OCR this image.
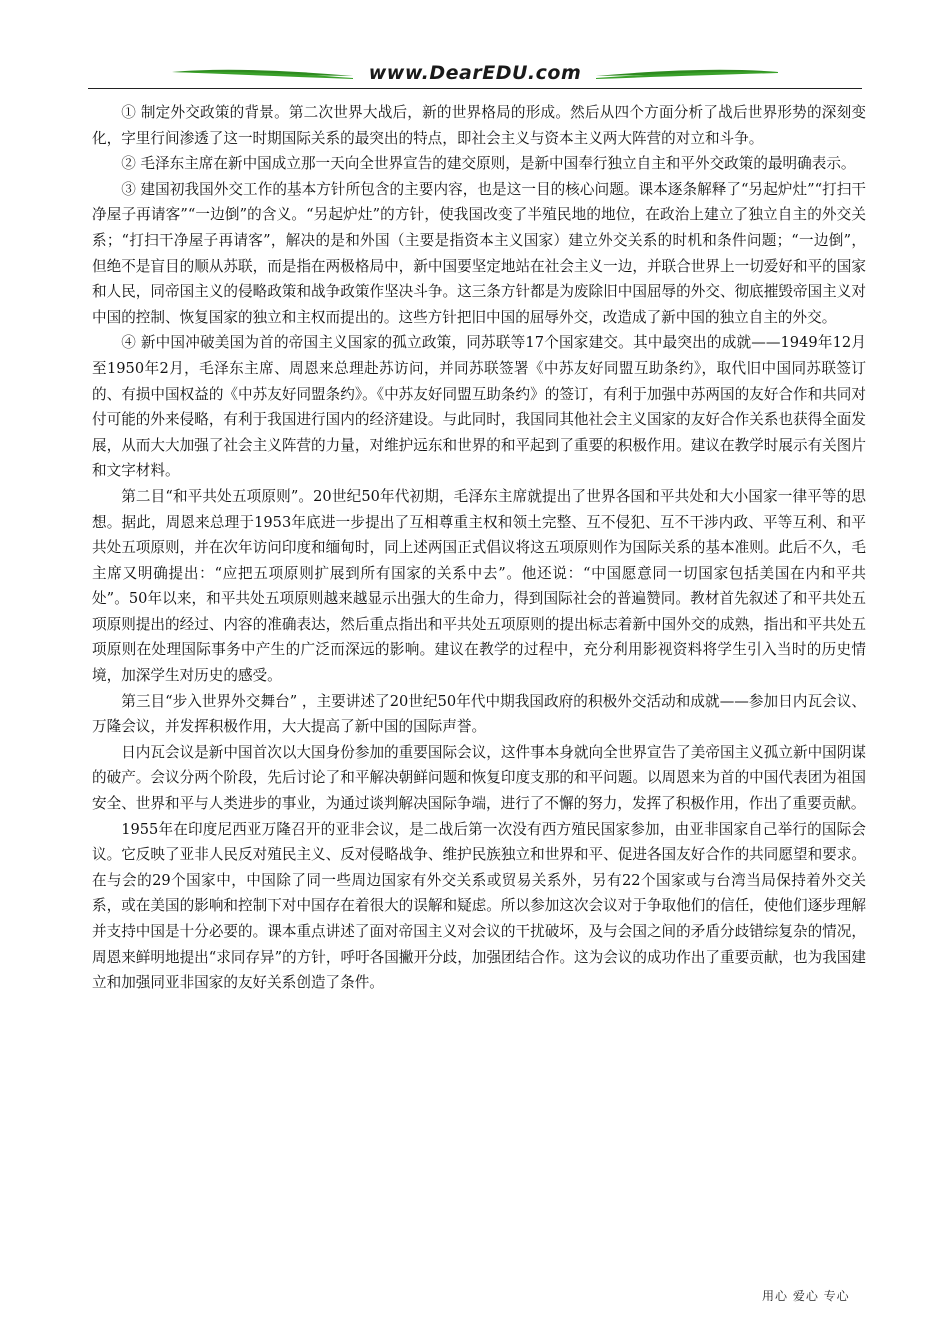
www.DearEDU.com

① 制定外交政策的背景。第二次世界大战后，新的世界格局的形成。然后从四个方面分析了战后世界形势的深刻变化，字里行间渗透了这一时期国际关系的最突出的特点，即社会主义与资本主义两大阵营的对立和斗争。

② 毛泽东主席在新中国成立那一天向全世界宣告的建交原则，是新中国奉行独立自主和平外交政策的最明确表示。

③ 建国初我国外交工作的基本方针所包含的主要内容，也是这一目的核心问题。课本逐条解释了“另起炉灶”“打扫干净屋子再请客”“一边倒”的含义。“另起炉灶”的方针，使我国改变了半殖民地的地位，在政治上建立了独立自主的外交关系；“打扫干净屋子再请客”，解决的是和外国（主要是指资本主义国家）建立外交关系的时机和条件问题；“一边倒”，但绝不是盲目的顺从苏联，而是指在两极格局中，新中国要坚定地站在社会主义一边，并联合世界上一切爱好和平的国家和人民，同帝国主义的侵略政策和战争政策作坚决斗争。这三条方针都是为废除旧中国屈辱的外交、彻底摧毁帝国主义对中国的控制、恢复国家的独立和主权而提出的。这些方针把旧中国的屈辱外交，改造成了新中国的独立自主的外交。

④ 新中国冲破美国为首的帝国主义国家的孤立政策，同苏联等17个国家建交。其中最突出的成就——1949年12月至1950年2月，毛泽东主席、周恩来总理赴苏访问，并同苏联签署《中苏友好同盟互助条约》，取代旧中国同苏联签订的、有损中国权益的《中苏友好同盟条约》。《中苏友好同盟互助条约》的签订，有利于加强中苏两国的友好合作和共同对付可能的外来侵略，有利于我国进行国内的经济建设。与此同时，我国同其他社会主义国家的友好合作关系也获得全面发展，从而大大加强了社会主义阵营的力量，对维护远东和世界的和平起到了重要的积极作用。建议在教学时展示有关图片和文字材料。

第二目“和平共处五项原则”。20世纪50年代初期，毛泽东主席就提出了世界各国和平共处和大小国家一律平等的思想。据此，周恩来总理于1953年底进一步提出了互相尊重主权和领土完整、互不侵犯、互不干涉内政、平等互利、和平共处五项原则，并在次年访问印度和缅甸时，同上述两国正式倡议将这五项原则作为国际关系的基本准则。此后不久，毛主席又明确提出：“应把五项原则扩展到所有国家的关系中去”。他还说：“中国愿意同一切国家包括美国在内和平共处”。50年以来，和平共处五项原则越来越显示出强大的生命力，得到国际社会的普遍赞同。教材首先叙述了和平共处五项原则提出的经过、内容的准确表达，然后重点指出和平共处五项原则的提出标志着新中国外交的成熟，指出和平共处五项原则在处理国际事务中产生的广泛而深远的影响。建议在教学的过程中，充分利用影视资料将学生引入当时的历史情境，加深学生对历史的感受。

第三目“步入世界外交舞台” ，主要讲述了20世纪50年代中期我国政府的积极外交活动和成就——参加日内瓦会议、万隆会议，并发挥积极作用，大大提高了新中国的国际声誉。

日内瓦会议是新中国首次以大国身份参加的重要国际会议，这件事本身就向全世界宣告了美帝国主义孤立新中国阴谋的破产。会议分两个阶段，先后讨论了和平解决朝鲜问题和恢复印度支那的和平问题。以周恩来为首的中国代表团为祖国安全、世界和平与人类进步的事业，为通过谈判解决国际争端，进行了不懈的努力，发挥了积极作用，作出了重要贡献。

1955年在印度尼西亚万隆召开的亚非会议，是二战后第一次没有西方殖民国家参加，由亚非国家自己举行的国际会议。它反映了亚非人民反对殖民主义、反对侵略战争、维护民族独立和世界和平、促进各国友好合作的共同愿望和要求。在与会的29个国家中，中国除了同一些周边国家有外交关系或贸易关系外，另有22个国家或与台湾当局保持着外交关系，或在美国的影响和控制下对中国存在着很大的误解和疑虑。所以参加这次会议对于争取他们的信任，使他们逐步理解并支持中国是十分必要的。课本重点讲述了面对帝国主义对会议的干扰破坏，及与会国之间的矛盾分歧错综复杂的情况，周恩来鲜明地提出“求同存异”的方针，呼吁各国撇开分歧，加强团结合作。这为会议的成功作出了重要贡献，也为我国建立和加强同亚非国家的友好关系创造了条件。

用心 爱心 专心
